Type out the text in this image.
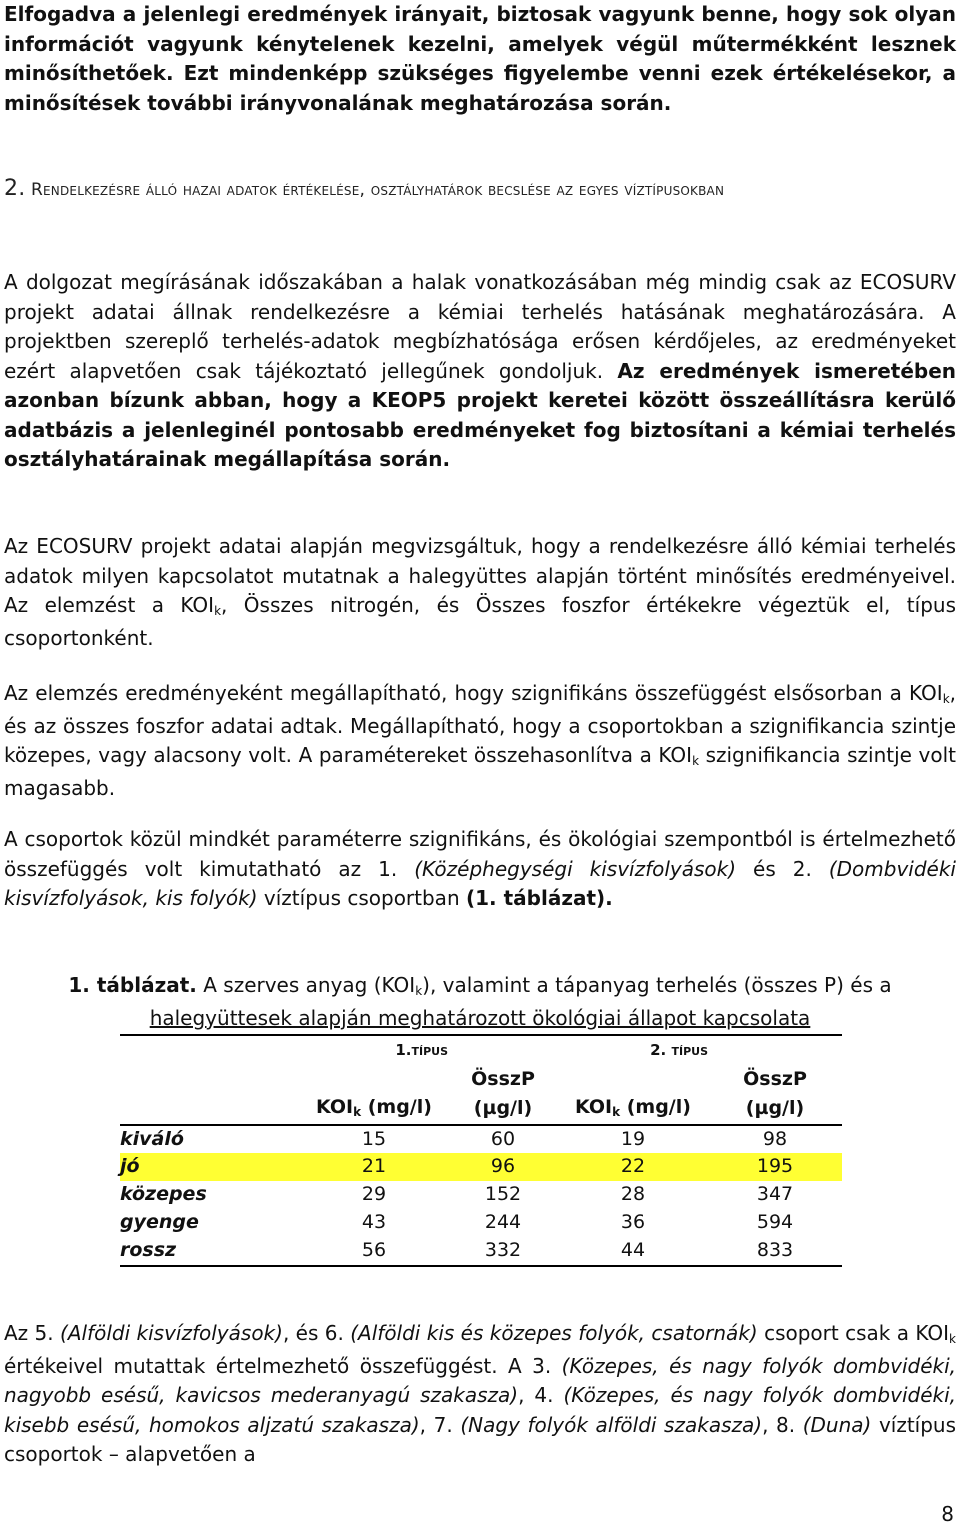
Elfogadva a jelenlegi eredmények irányait, biztosak vagyunk benne, hogy sok olyan információt vagyunk kénytelenek kezelni, amelyek végül műtermékként lesznek minősíthetőek. Ezt mindenképp szükséges figyelembe venni ezek értékelésekor, a minősítések további irányvonalának meghatározása során.

2. Rendelkezésre álló hazai adatok értékelése, osztályhatárok becslése az egyes víztípusokban

A dolgozat megírásának időszakában a halak vonatkozásában még mindig csak az ECOSURV projekt adatai állnak rendelkezésre a kémiai terhelés hatásának meghatározására. A projektben szereplő terhelés-adatok megbízhatósága erősen kérdőjeles, az eredményeket ezért alapvetően csak tájékoztató jellegűnek gondoljuk. Az eredmények ismeretében azonban bízunk abban, hogy a KEOP5 projekt keretei között összeállításra kerülő adatbázis a jelenleginél pontosabb eredményeket fog biztosítani a kémiai terhelés osztályhatárainak megállapítása során.

Az ECOSURV projekt adatai alapján megvizsgáltuk, hogy a rendelkezésre álló kémiai terhelés adatok milyen kapcsolatot mutatnak a halegyüttes alapján történt minősítés eredményeivel. Az elemzést a $KOI_k$, Összes nitrogén, és Összes foszfor értékekre végeztük el, típus csoportonként.

Az elemzés eredményeként megállapítható, hogy szignifikáns összefüggést elsősorban a $KOI_k$, és az összes foszfor adatai adtak. Megállapítható, hogy a csoportokban a szignifikancia szintje közepes, vagy alacsony volt. A paramétereket összehasonlítva a $KOI_k$ szignifikancia szintje volt magasabb.

A csoportok közül mindkét paraméterre szignifikáns, és ökológiai szempontból is értelmezhető összefüggés volt kimutatható az 1. (Középhegységi kisvízfolyások) és 2. (Dombvidéki kisvízfolyások, kis folyók) víztípus csoportban (1. táblázat).

1. táblázat. A szerves anyag $(KOI_k)$, valamint a tápanyag terhelés (összes P) és a
halegyüttesek alapján meghatározott ökológiai állapot kapcsolata
	1.típus		2. típus	
		ÖsszP		ÖsszP
	$KOI_k$ (mg/l)	(µg/l)	$KOI_k$ (mg/l)	(µg/l)
kiváló	15	60	19	98
jó	21	96	22	195
közepes	29	152	28	347
gyenge	43	244	36	594
rossz	56	332	44	833

Az 5. (Alföldi kisvízfolyások), és 6. (Alföldi kis és közepes folyók, csatornák) csoport csak a $KOI_k$ értékeivel mutattak értelmezhető összefüggést. A 3. (Közepes, és nagy folyók dombvidéki, nagyobb esésű, kavicsos mederanyagú szakasza), 4. (Közepes, és nagy folyók dombvidéki, kisebb esésű, homokos aljzatú szakasza), 7. (Nagy folyók alföldi szakasza), 8. (Duna) víztípus csoportok – alapvetően a

8
